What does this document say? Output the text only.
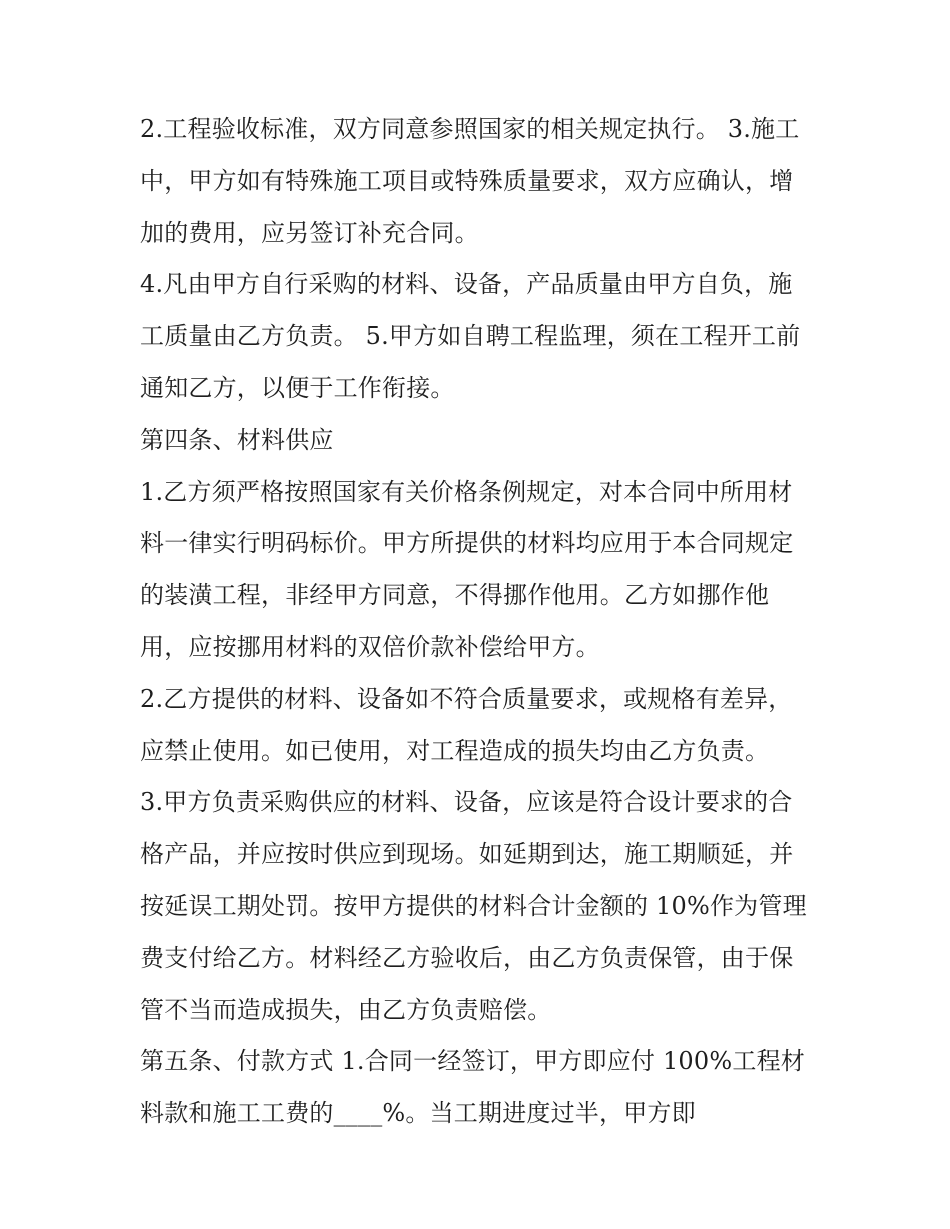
2.工程验收标准，双方同意参照国家的相关规定执行。 3.施工
中，甲方如有特殊施工项目或特殊质量要求，双方应确认，增
加的费用，应另签订补充合同。

4.凡由甲方自行采购的材料、设备，产品质量由甲方自负，施
工质量由乙方负责。 5.甲方如自聘工程监理，须在工程开工前
通知乙方，以便于工作衔接。

第四条、材料供应

1.乙方须严格按照国家有关价格条例规定，对本合同中所用材
料一律实行明码标价。甲方所提供的材料均应用于本合同规定
的装潢工程，非经甲方同意，不得挪作他用。乙方如挪作他
用，应按挪用材料的双倍价款补偿给甲方。

2.乙方提供的材料、设备如不符合质量要求，或规格有差异，
应禁止使用。如已使用，对工程造成的损失均由乙方负责。

3.甲方负责采购供应的材料、设备，应该是符合设计要求的合
格产品，并应按时供应到现场。如延期到达，施工期顺延，并
按延误工期处罚。按甲方提供的材料合计金额的 10%作为管理
费支付给乙方。材料经乙方验收后，由乙方负责保管，由于保
管不当而造成损失，由乙方负责赔偿。

第五条、付款方式 1.合同一经签订，甲方即应付 100%工程材
料款和施工工费的____%。当工期进度过半，甲方即
